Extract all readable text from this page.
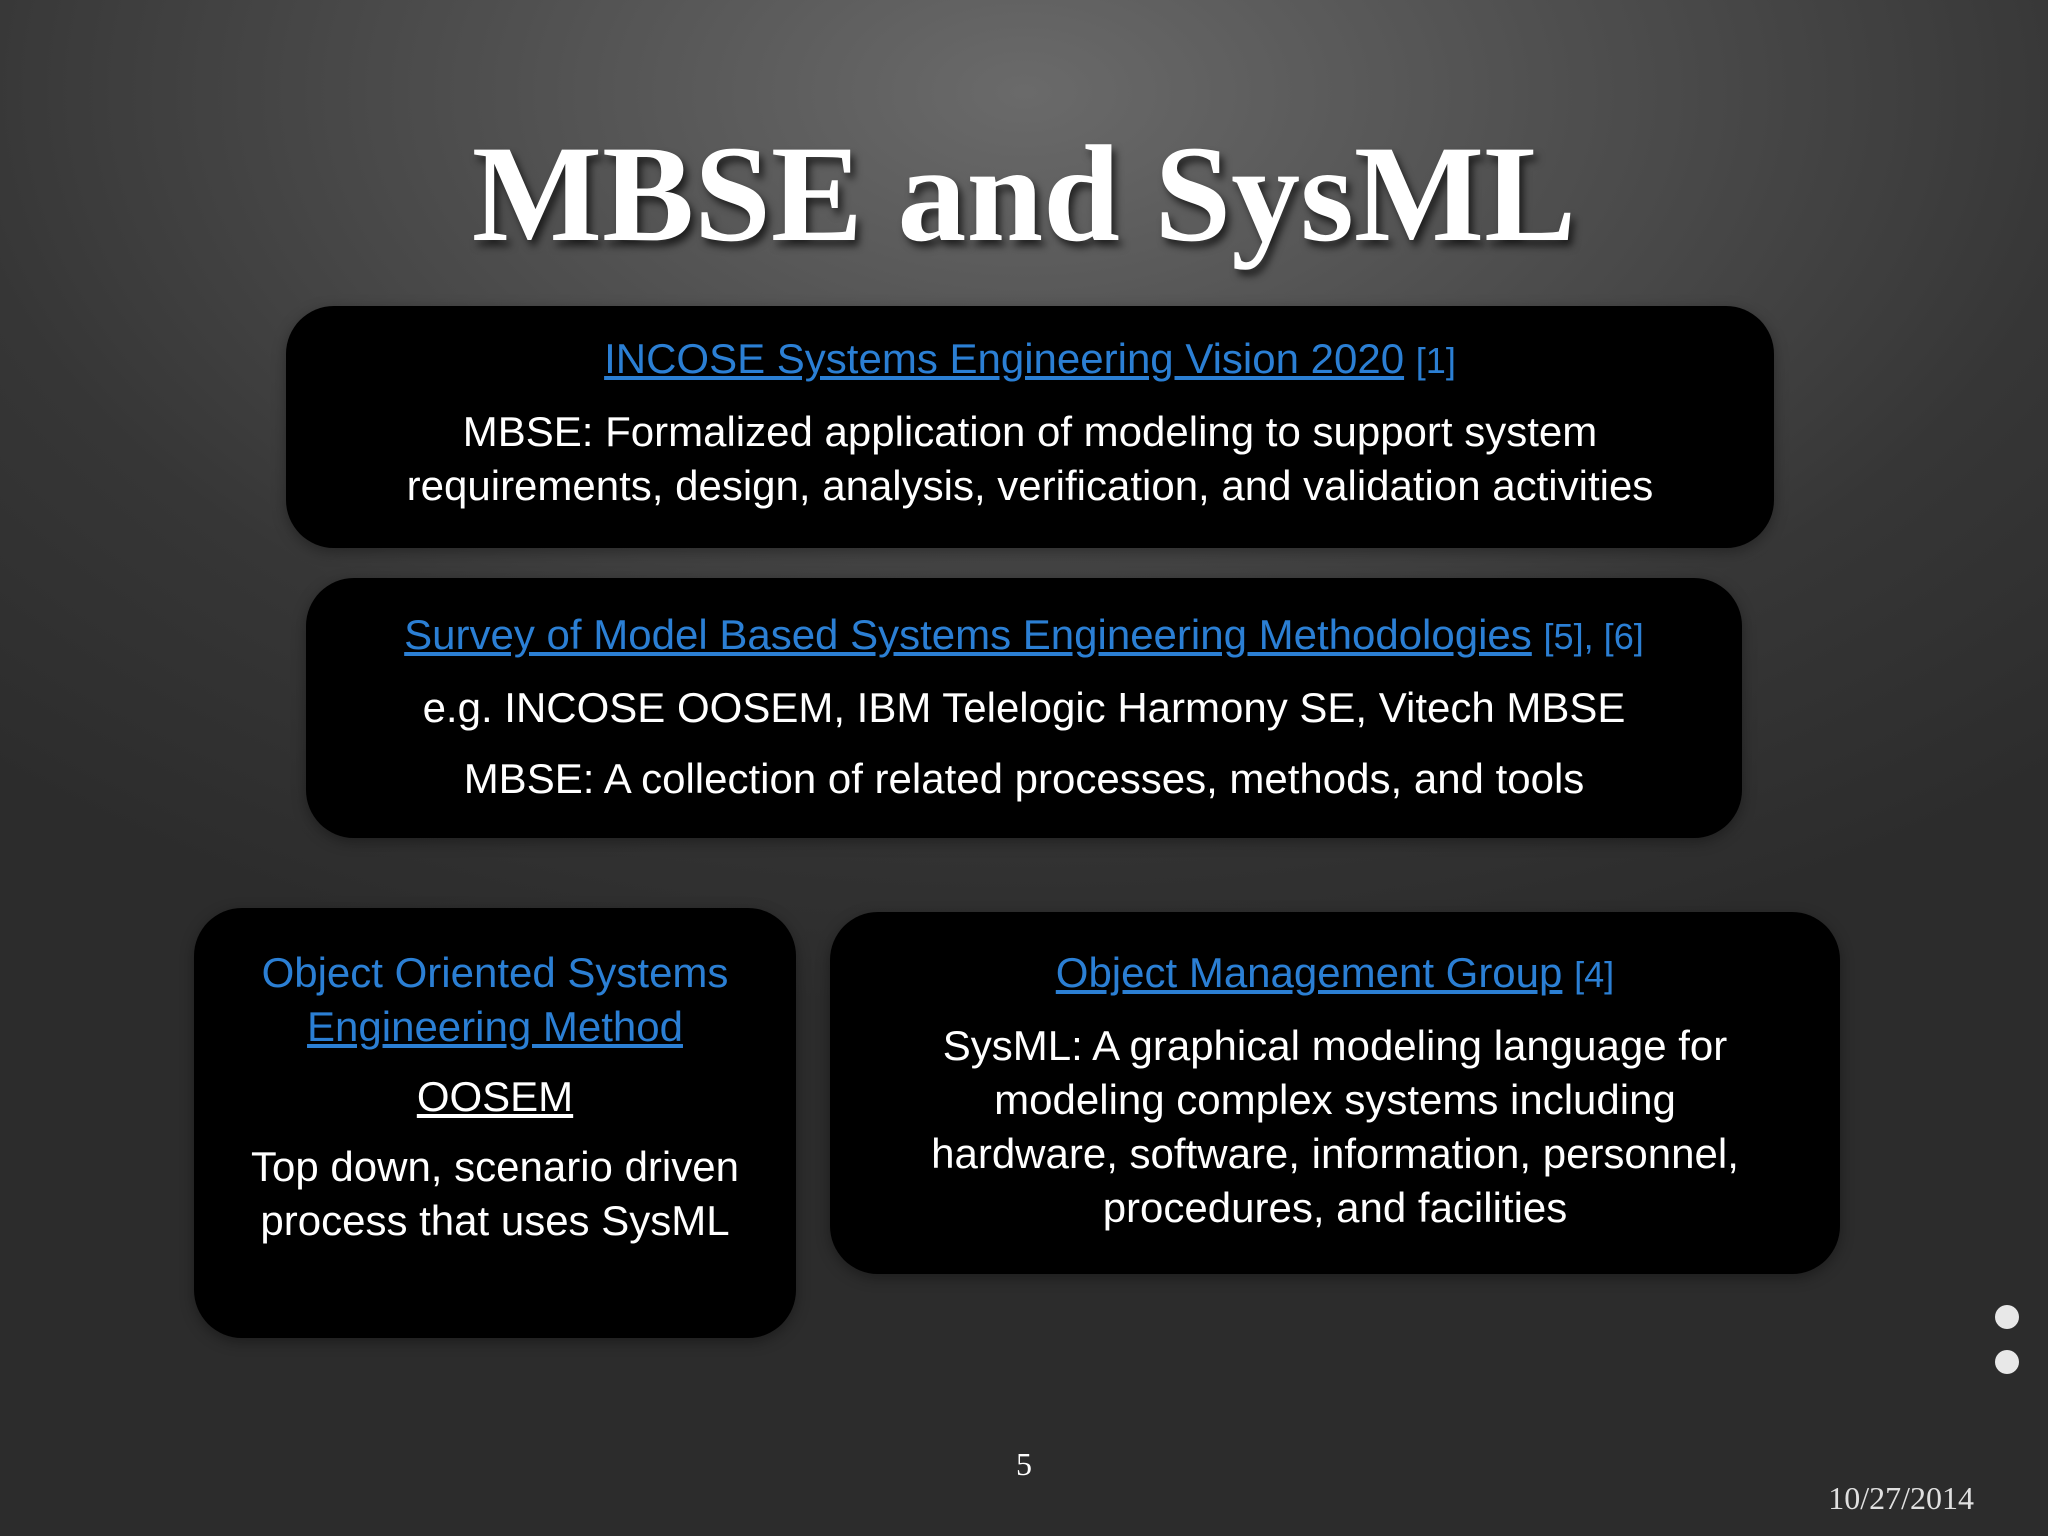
MBSE and SysML
INCOSE Systems Engineering Vision 2020 [1]
MBSE: Formalized application of modeling to support system
requirements, design, analysis, verification, and validation activities
Survey of Model Based Systems Engineering Methodologies [5], [6]
e.g. INCOSE OOSEM, IBM Telelogic Harmony SE, Vitech MBSE
MBSE: A collection of related processes, methods, and tools
Object Oriented Systems
Engineering Method
OOSEM
Top down, scenario driven process that uses SysML
Object Management Group [4]
SysML: A graphical modeling language for modeling complex systems including hardware, software, information, personnel, procedures, and facilities
5
10/27/2014
